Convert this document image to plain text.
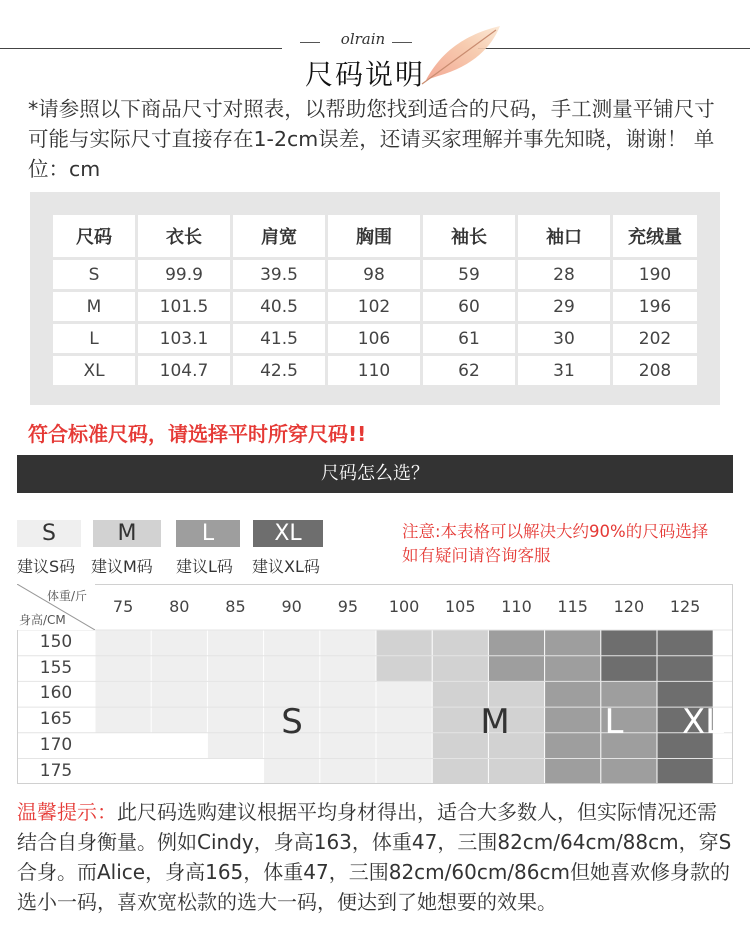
olrain
尺码说明
*请参照以下商品尺寸对照表，以帮助您找到适合的尺码，手工测量平铺尺寸可能与实际尺寸直接存在1-2cm误差，还请买家理解并事先知晓，谢谢！ 单位：cm
尺码	衣长	肩宽	胸围	袖长	袖口	充绒量
S	99.9	39.5	98	59	28	190
M	101.5	40.5	102	60	29	196
L	103.1	41.5	106	61	30	202
XL	104.7	42.5	110	62	31	208
符合标准尺码，请选择平时所穿尺码!!
尺码怎么选？
S	M	L	XL
建议S码 建议M码 建议L码 建议XL码
注意:本表格可以解决大约90%的尺码选择
如有疑问请咨询客服
体重/斤
身高/CM
75	80	85	90	95	100	105	110	115	120	125
150
155
160
165
170
175
S	M	L	XL
温馨提示：此尺码选购建议根据平均身材得出，适合大多数人，但实际情况还需结合自身衡量。例如Cindy，身高163，体重47，三围82cm/64cm/88cm，穿S合身。而Alice，身高165，体重47，三围82cm/60cm/86cm但她喜欢修身款的选小一码，喜欢宽松款的选大一码，便达到了她想要的效果。
